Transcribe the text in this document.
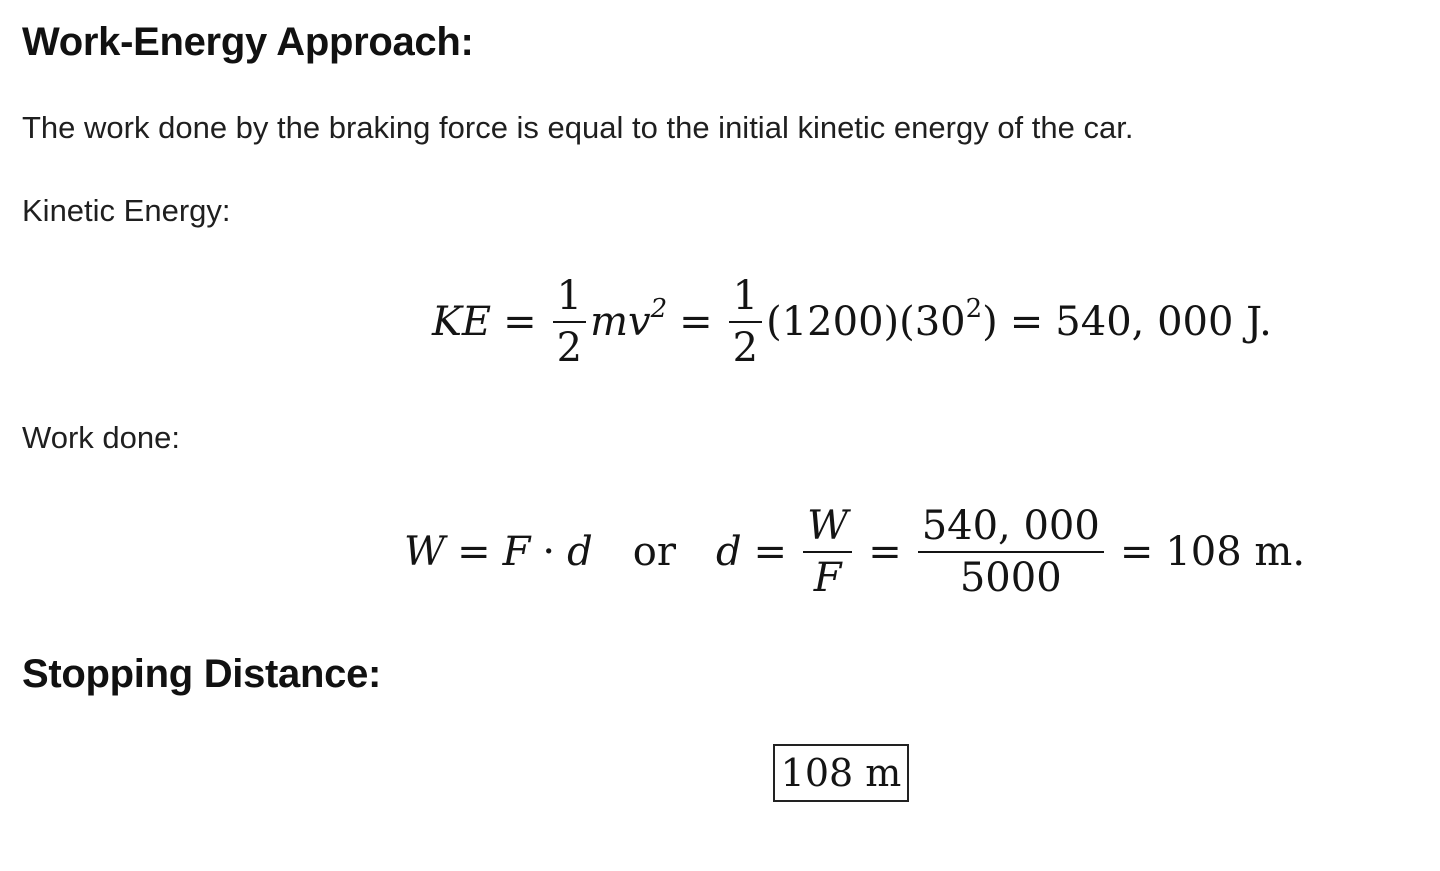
Work-Energy Approach:

The work done by the braking force is equal to the initial kinetic energy of the car.

Kinetic Energy:

KE = $\frac{1}{2} mv^2 = \frac{1}{2} (1200)(30^2) = 540$, 000 J.

Work done:

W = F · d or $d = \frac{W}{F} = \frac{540, 000}{5000} = 108$ m.
Stopping Distance:
108 m
